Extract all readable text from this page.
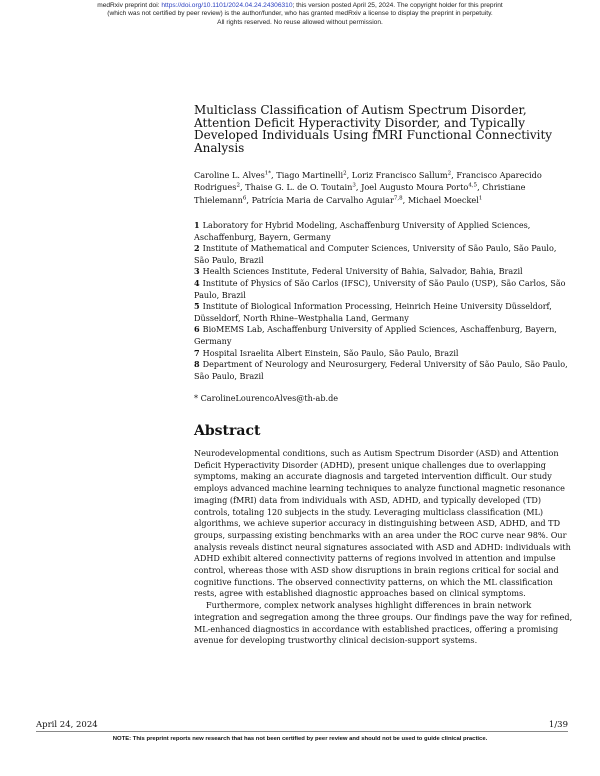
medRxiv preprint doi: https://doi.org/10.1101/2024.04.24.24306310; this version posted April 25, 2024. The copyright holder for this preprint
(which was not certified by peer review) is the author/funder, who has granted medRxiv a license to display the preprint in perpetuity.
All rights reserved. No reuse allowed without permission.
Multiclass Classification of Autism Spectrum Disorder, Attention Deficit Hyperactivity Disorder, and Typically Developed Individuals Using fMRI Functional Connectivity Analysis
Caroline L. Alves$^{1*}$, Tiago Martinelli$^2$, Loriz Francisco Sallum$^2$, Francisco Aparecido Rodrigues$^2$, Thaise G. L. de O. Toutain$^3$, Joel Augusto Moura Porto$^{4,5}$, Christiane Thielemann$^6$, Patrícia Maria de Carvalho Aguiar$^{7,8}$, Michael Moeckel$^1$

1 Laboratory for Hybrid Modeling, Aschaffenburg University of Applied Sciences, Aschaffenburg, Bayern, Germany

2 Institute of Mathematical and Computer Sciences, University of São Paulo, São Paulo, São Paulo, Brazil

3 Health Sciences Institute, Federal University of Bahia, Salvador, Bahia, Brazil

4 Institute of Physics of São Carlos (IFSC), University of São Paulo (USP), São Carlos, São Paulo, Brazil

5 Institute of Biological Information Processing, Heinrich Heine University Düsseldorf, Düsseldorf, North Rhine–Westphalia Land, Germany

6 BioMEMS Lab, Aschaffenburg University of Applied Sciences, Aschaffenburg, Bayern, Germany

7 Hospital Israelita Albert Einstein, São Paulo, São Paulo, Brazil

8 Department of Neurology and Neurosurgery, Federal University of São Paulo, São Paulo, São Paulo, Brazil

* CarolineLourencoAlves@th-ab.de
Abstract

Neurodevelopmental conditions, such as Autism Spectrum Disorder (ASD) and Attention Deficit Hyperactivity Disorder (ADHD), present unique challenges due to overlapping symptoms, making an accurate diagnosis and targeted intervention difficult. Our study employs advanced machine learning techniques to analyze functional magnetic resonance imaging (fMRI) data from individuals with ASD, ADHD, and typically developed (TD) controls, totaling 120 subjects in the study. Leveraging multiclass classification (ML) algorithms, we achieve superior accuracy in distinguishing between ASD, ADHD, and TD groups, surpassing existing benchmarks with an area under the ROC curve near 98%. Our analysis reveals distinct neural signatures associated with ASD and ADHD: individuals with ADHD exhibit altered connectivity patterns of regions involved in attention and impulse control, whereas those with ASD show disruptions in brain regions critical for social and cognitive functions. The observed connectivity patterns, on which the ML classification rests, agree with established diagnostic approaches based on clinical symptoms.

Furthermore, complex network analyses highlight differences in brain network integration and segregation among the three groups. Our findings pave the way for refined, ML-enhanced diagnostics in accordance with established practices, offering a promising avenue for developing trustworthy clinical decision-support systems.

April 24, 2024	1/39
NOTE: This preprint reports new research that has not been certified by peer review and should not be used to guide clinical practice.
